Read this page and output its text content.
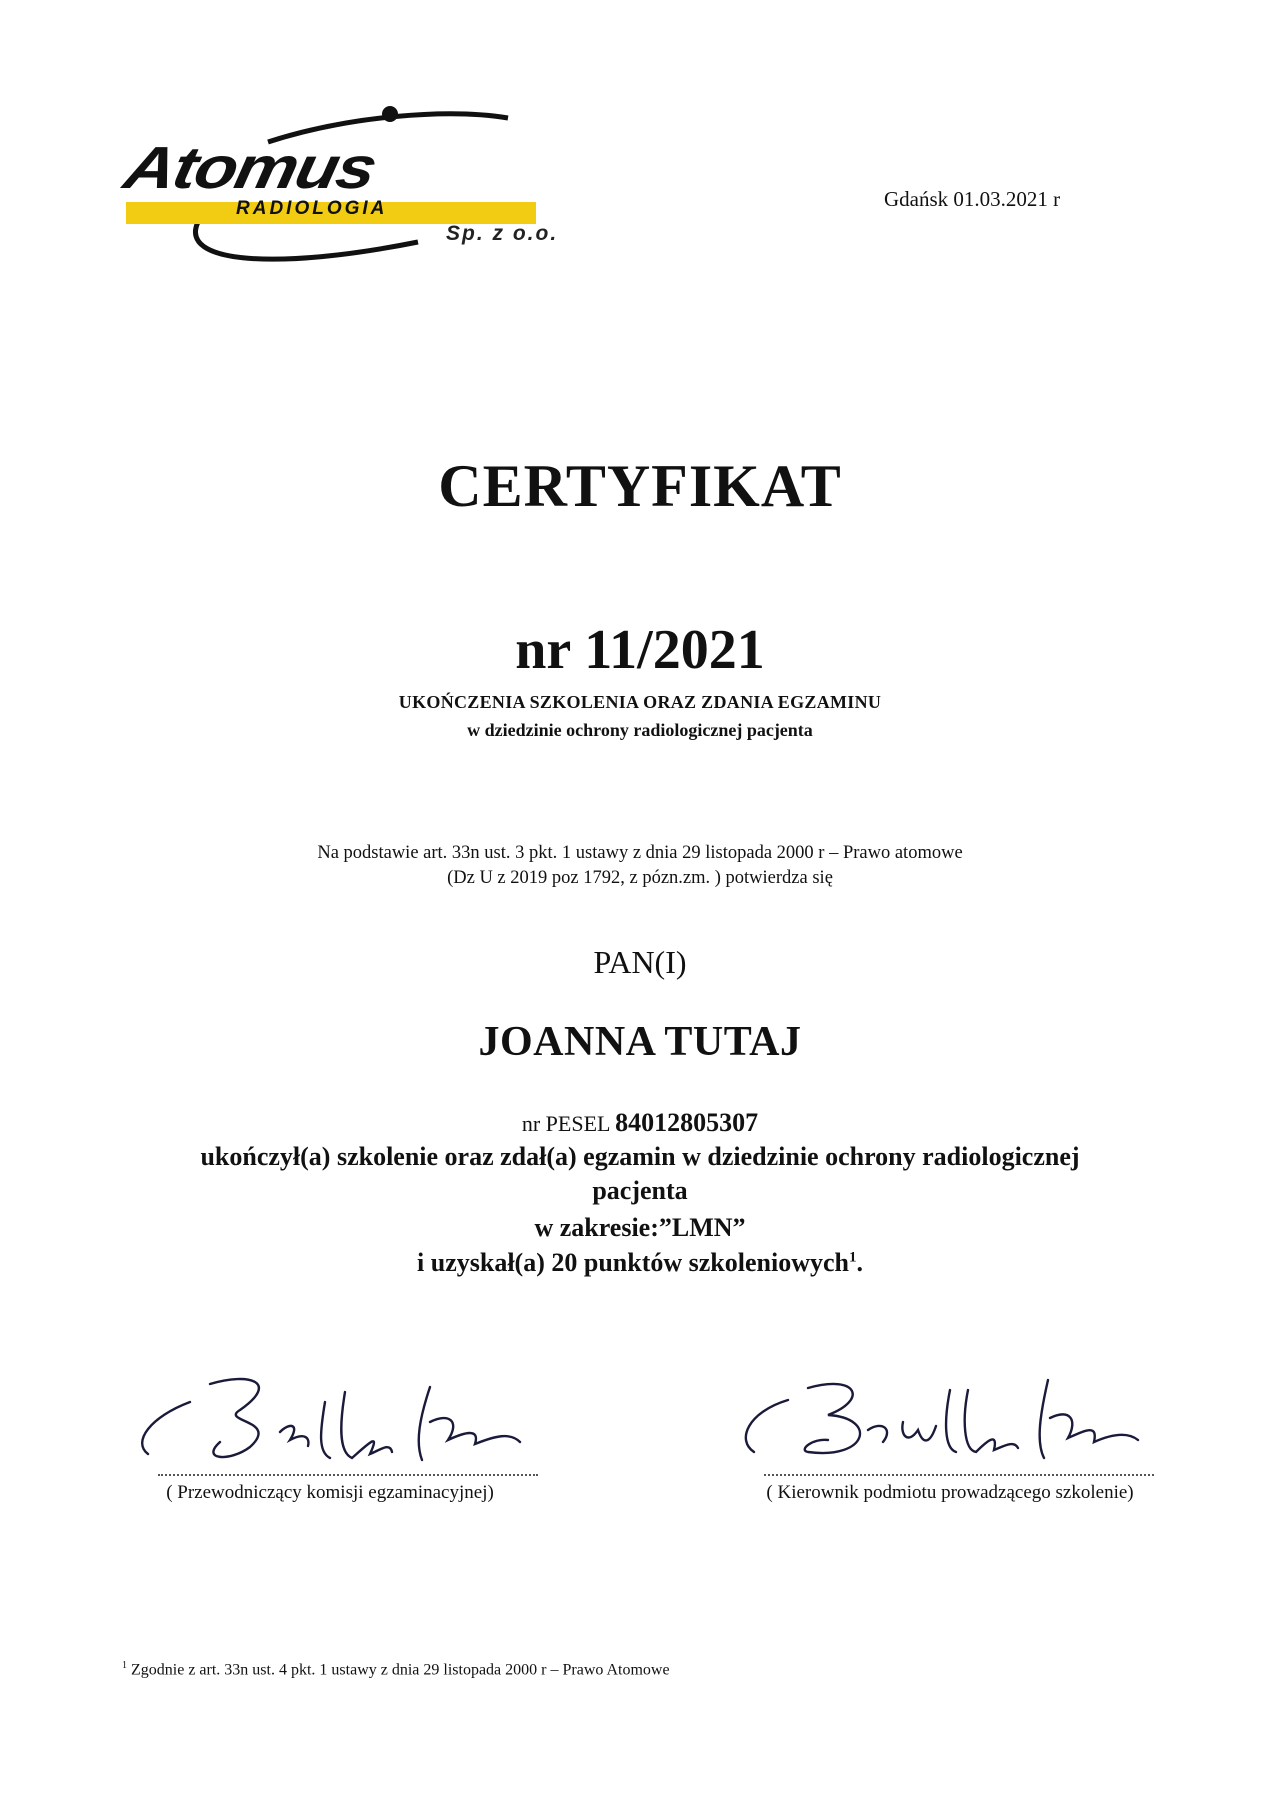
Atomus
RADIOLOGIA
Sp. z o.o.
Gdańsk 01.03.2021 r
CERTYFIKAT
nr 11/2021
UKOŃCZENIA SZKOLENIA ORAZ ZDANIA EGZAMINU
w dziedzinie ochrony radiologicznej pacjenta
Na podstawie art. 33n ust. 3 pkt. 1 ustawy z dnia 29 listopada 2000 r – Prawo atomowe
(Dz U z 2019 poz 1792, z pózn.zm. ) potwierdza się
PAN(I)
JOANNA TUTAJ
nr PESEL 84012805307
ukończył(a) szkolenie oraz zdał(a) egzamin w dziedzinie ochrony radiologicznej
pacjenta
w zakresie:”LMN”
i uzyskał(a) 20 punktów szkoleniowych$^1$.
( Przewodniczący komisji egzaminacyjnej)	( Kierownik podmiotu prowadzącego szkolenie)
$^1$ Zgodnie z art. 33n ust. 4 pkt. 1 ustawy z dnia 29 listopada 2000 r – Prawo Atomowe
